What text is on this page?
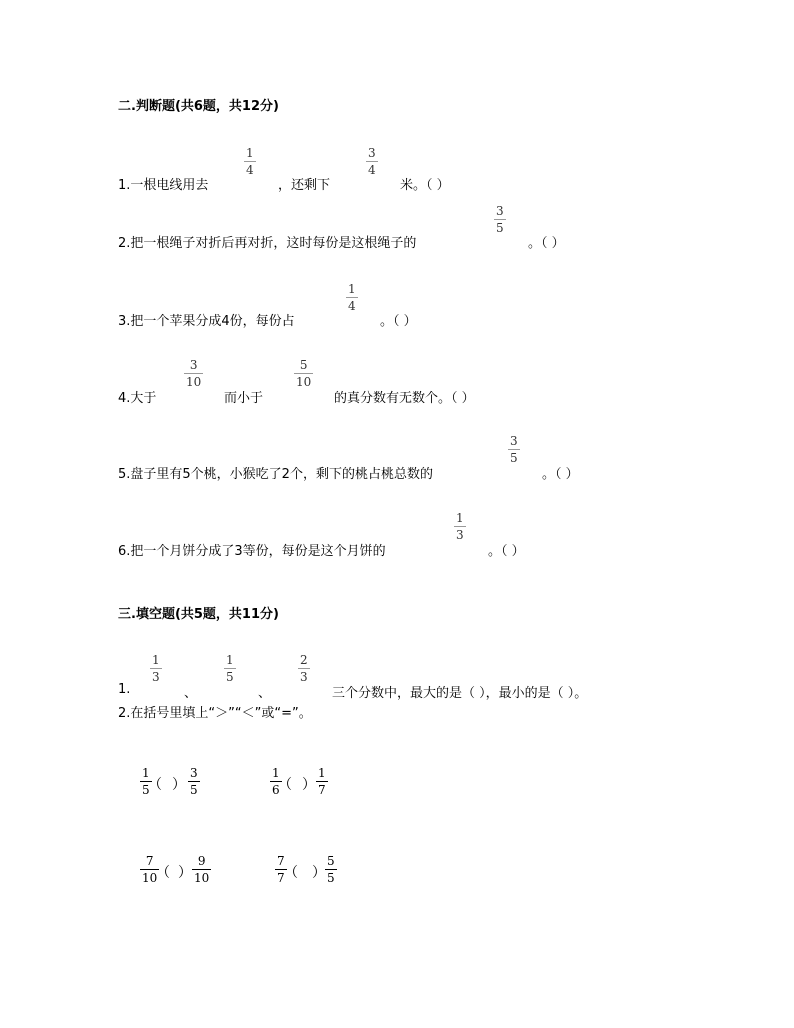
二.判断题(共6题，共12分)
1.一根电线用去
1
4
，还剩下
3
4
米。（ ）
2.把一根绳子对折后再对折，这时每份是这根绳子的
3
5
。（ ）
3.把一个苹果分成4份，每份占
1
4
。（ ）
4.大于
3
10
而小于
5
10
的真分数有无数个。（ ）
5.盘子里有5个桃，小猴吃了2个，剩下的桃占桃总数的
3
5
。（ ）
6.把一个月饼分成了3等份，每份是这个月饼的
1
3
。（ ）
三.填空题(共5题，共11分)
1.
1
3
、
1
5
、
2
3
三个分数中，最大的是（ ），最小的是（ ）。
2.在括号里填上“＞”“＜”或“=”。
1
5
（ ）
3
5
1
6
（ ）
1
7
7
10
（ ）
9
10
7
7 （ ）
5
5
